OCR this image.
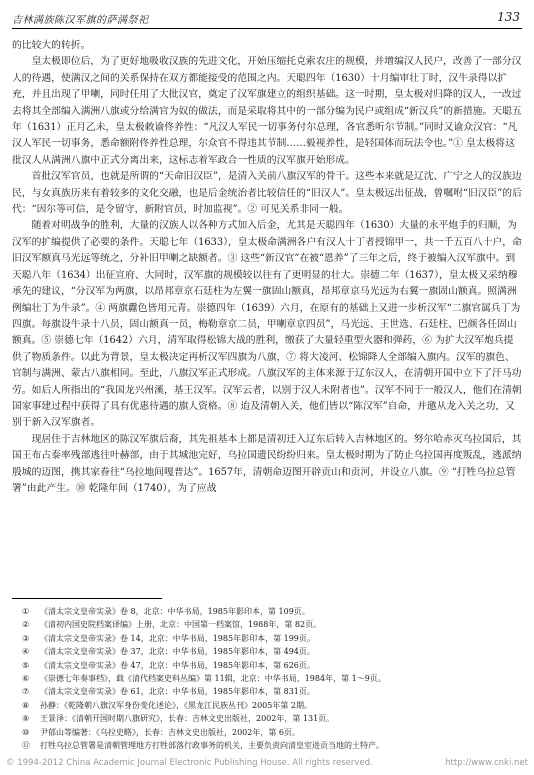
吉林满族陈汉军旗的萨满祭祀	133

的比较大的转折。

皇太极即位后，为了更好地吸收汉族的先进文化，开始压缩托克索农庄的规模，并增编汉人民户，改善了一部分汉人的待遇，使满汉之间的关系保持在双方都能接受的范围之内。天聪四年（1630）十月编审壮丁时，汉牛录得以扩充，并且出现了甲喇，同时任用了大批汉官，奠定了汉军旗建立的组织基础。这一时期，皇太极对归降的汉人，一改过去将其全部编入满洲八旗或分给满官为奴的做法，而是采取将其中的一部分编为民户或组成“新汉兵”的新措施。天聪五年（1631）正月乙未，皇太极敕谕佟养性：“凡汉人军民一切事务付尔总理，各官悉听尔节制。”同时又谕众汉官：“凡汉人军民一切事务，悉命额附佟养性总理，尔众官不得违其节制……毅视养性，是轻国体而玩法令也。”① 皇太极将这批汉人从满洲八旗中正式分离出来，这标志着军政合一性质的汉军旗开始形成。

首批汉军官员，也就是所谓的“天命旧汉臣”，是清入关前八旗汉军的骨干。这些本来就是辽沈、广宁之人的汉族边民，与女真族历来有着较多的文化交融，也是后金统治者比较信任的“旧汉人”。皇太极远出征战，曾嘱咐“旧汉臣”的后代：“因尔等可信，是令留守，新附官员，时加监视”。② 可见关系非同一般。

随着对明战争的胜利，大量的汉族人以各种方式加入后金，尤其是天聪四年（1630）大量的永平炮手的归顺，为汉军的扩编提供了必要的条件。天聪七年（1633），皇太极命满洲各户有汉人十丁者授锦甲一，共一千五百八十户，命旧汉军额真马光远等统之，分补旧甲喇之缺额者。③ 这些“新汉官”在被“恩养”了三年之后，终于被编入汉军旗中。到天聪八年（1634）出征宣府、大同时，汉军旗的规模较以往有了更明显的壮大。崇德二年（1637），皇太极又采纳穆承先的建议，“分汉军为两旗，以昂邦章京石廷柱为左翼一旗固山额真，昂邦章京马光远为右翼一旗固山额真。照满洲例编壮丁为牛录”。④ 两旗纛色皆用元青。崇德四年（1639）六月，在原有的基础上又进一步析汉军“二旗官属兵丁为四旗。每旗设牛录十八员，固山额真一员，梅勒章京二员，甲喇章京四员”，马光远、王世选、石廷柱、巴颜各任固山额真。⑤ 崇德七年（1642）六月，清军取得松锦大战的胜利，缴获了大量轻重型火器和弹药，⑥ 为扩大汉军炮兵提供了物质条件。以此为背景，皇太极决定再析汉军四旗为八旗，⑦ 将大凌河、松锦降人全部编入旗内。汉军的旗色、官制与满洲、蒙古八旗相同。至此，八旗汉军正式形成。八旗汉军的主体来源于辽东汉人，在清朝开国中立下了汗马功劳。如后人所指出的“我国龙兴州溪，基王汉军。汉军云者，以别于汉人未附者也”。汉军不同于一般汉人，他们在清朝国家事建过程中获得了具有优惠待遇的旗人资格。⑧ 迨及清朝入关，他们皆以“陈汉军”自命，并邀从龙入关之功，又别于新入汉军旗者。

现居住于吉林地区的陈汉军旗后裔，其先祖基本上都是清初迁入辽东后转入吉林地区的。努尔哈赤灭乌拉国后，其国王布占泰率残部逃往叶赫部，由于其城池完好，乌拉国遗民纷纷归来。皇太极时期为了防止乌拉国再度叛乱，逃派纳殷城的迈图，携其家眷往“乌拉地间嘎普达”。1657年，清朝命迈图开辟贡山和贡河，并设立八旗。⑨ “打牲乌拉总管署”由此产生。⑩ 乾隆年间（1740），为了应战

① 《清太宗文皇帝实录》卷 8，北京：中华书局，1985年影印本，第 109页。
② 《清初内国史院档案译编》上册，北京：中国第一档案馆，1988年，第 82页。
③ 《清太宗文皇帝实录》卷 14，北京：中华书局，1985年影印本，第 199页。
④ 《清太宗文皇帝实录》卷 37，北京：中华书局，1985年影印本，第 494页。
⑤ 《清太宗文皇帝实录》卷 47，北京：中华书局，1985年影印本，第 626页。
⑥ 《崇德七年奏事档》，载《清代档案史料丛编》第 11辑，北京：中华书局，1984年，第 1～9页。
⑦ 《清太宗文皇帝实录》卷 61，北京：中华书局，1985年影印本，第 831页。
⑧ 孙静：《乾隆朝八旗汉军身份变化述论》，《黑龙江民族丛刊》2005年第 2期。
⑨ 王景泽：《清朝开国时期八旗研究》，长春：吉林文史出版社，2002年，第 131页。
⑩ 尹郁山等编著：《乌拉史略》，长春：吉林文史出版社，2002年，第 6页。
⑪ 打牲乌拉总管署是清朝管理地方打牲部落行政事务的机关，主要负责向清皇室进贡当地的土特产。
© 1994-2012 China Academic Journal Electronic Publishing House. All rights reserved.	http://www.cnki.net
